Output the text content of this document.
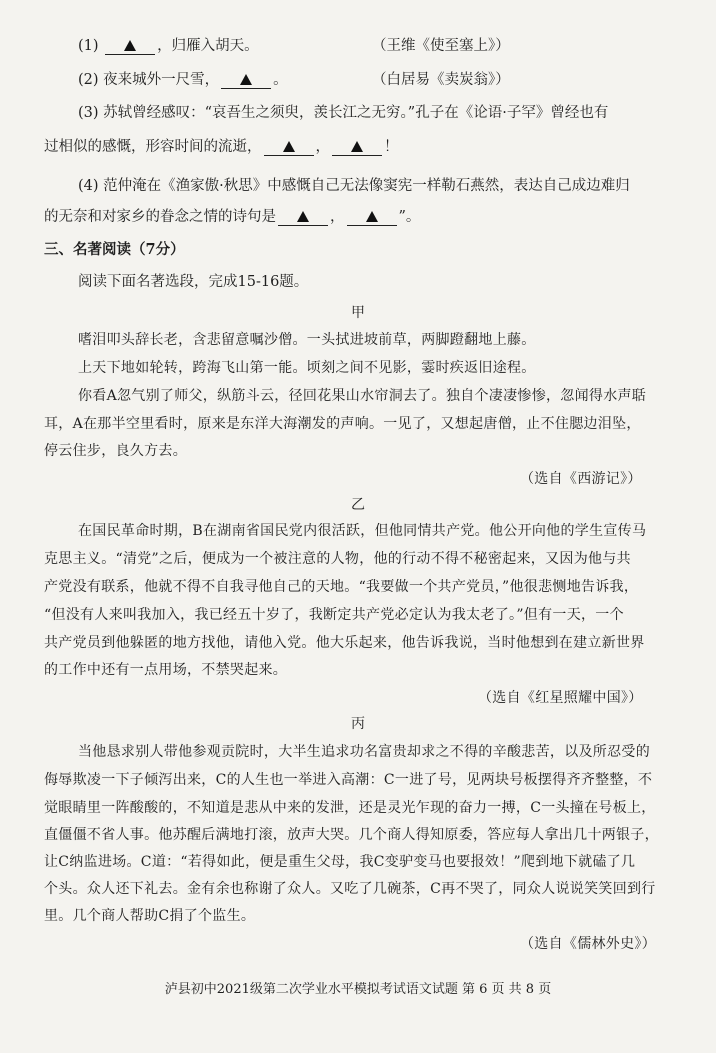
(1)	，归雁入胡天。	（王维《使至塞上》）
(2) 夜来城外一尺雪，	。	（白居易《卖炭翁》）
(3) 苏轼曾经感叹：“哀吾生之须臾，羡长江之无穷。”孔子在《论语·子罕》曾经也有
过相似的感慨，形容时间的流逝，	，	！
(4) 范仲淹在《渔家傲·秋思》中感慨自己无法像窦宪一样勒石燕然，表达自己成边难归
的无奈和对家乡的眷念之情的诗句是	，	”。
三、名著阅读（7分）
阅读下面名著选段，完成15-16题。
甲
嗜泪叩头辞长老，含悲留意嘱沙僧。一头拭进坡前草，两脚蹬翻地上藤。
上天下地如轮转，跨海飞山第一能。顷刻之间不见影，霎时疾返旧途程。
你看A忽气别了师父，纵筋斗云，径回花果山水帘洞去了。独自个凄凄惨惨，忽闻得水声聒
耳，A在那半空里看时，原来是东洋大海潮发的声响。一见了，又想起唐僧，止不住腮边泪坠，
停云住步，良久方去。
（选自《西游记》）
乙
在国民革命时期，B在湖南省国民党内很活跃，但他同情共产党。他公开向他的学生宣传马
克思主义。“清党”之后，便成为一个被注意的人物，他的行动不得不秘密起来，又因为他与共
产党没有联系，他就不得不自我寻他自己的天地。“我要做一个共产党员，”他很悲恻地告诉我，
“但没有人来叫我加入，我已经五十岁了，我断定共产党必定认为我太老了。”但有一天，一个
共产党员到他躲匿的地方找他，请他入党。他大乐起来，他告诉我说，当时他想到在建立新世界
的工作中还有一点用场，不禁哭起来。
（选自《红星照耀中国》）
丙
当他恳求别人带他参观贡院时，大半生追求功名富贵却求之不得的辛酸悲苦，以及所忍受的
侮辱欺凌一下子倾泻出来，C的人生也一举进入高潮：C一进了号，见两块号板摆得齐齐整整，不
觉眼睛里一阵酸酸的，不知道是悲从中来的发泄，还是灵光乍现的奋力一搏，C一头撞在号板上，
直僵僵不省人事。他苏醒后满地打滚，放声大哭。几个商人得知原委，答应每人拿出几十两银子，
让C纳监进场。C道：“若得如此，便是重生父母，我C变驴变马也要报效！”爬到地下就磕了几
个头。众人还下礼去。金有余也称谢了众人。又吃了几碗茶，C再不哭了，同众人说说笑笑回到行
里。几个商人帮助C捐了个监生。
（选自《儒林外史》）
泸县初中2021级第二次学业水平模拟考试语文试题 第 6 页 共 8 页
